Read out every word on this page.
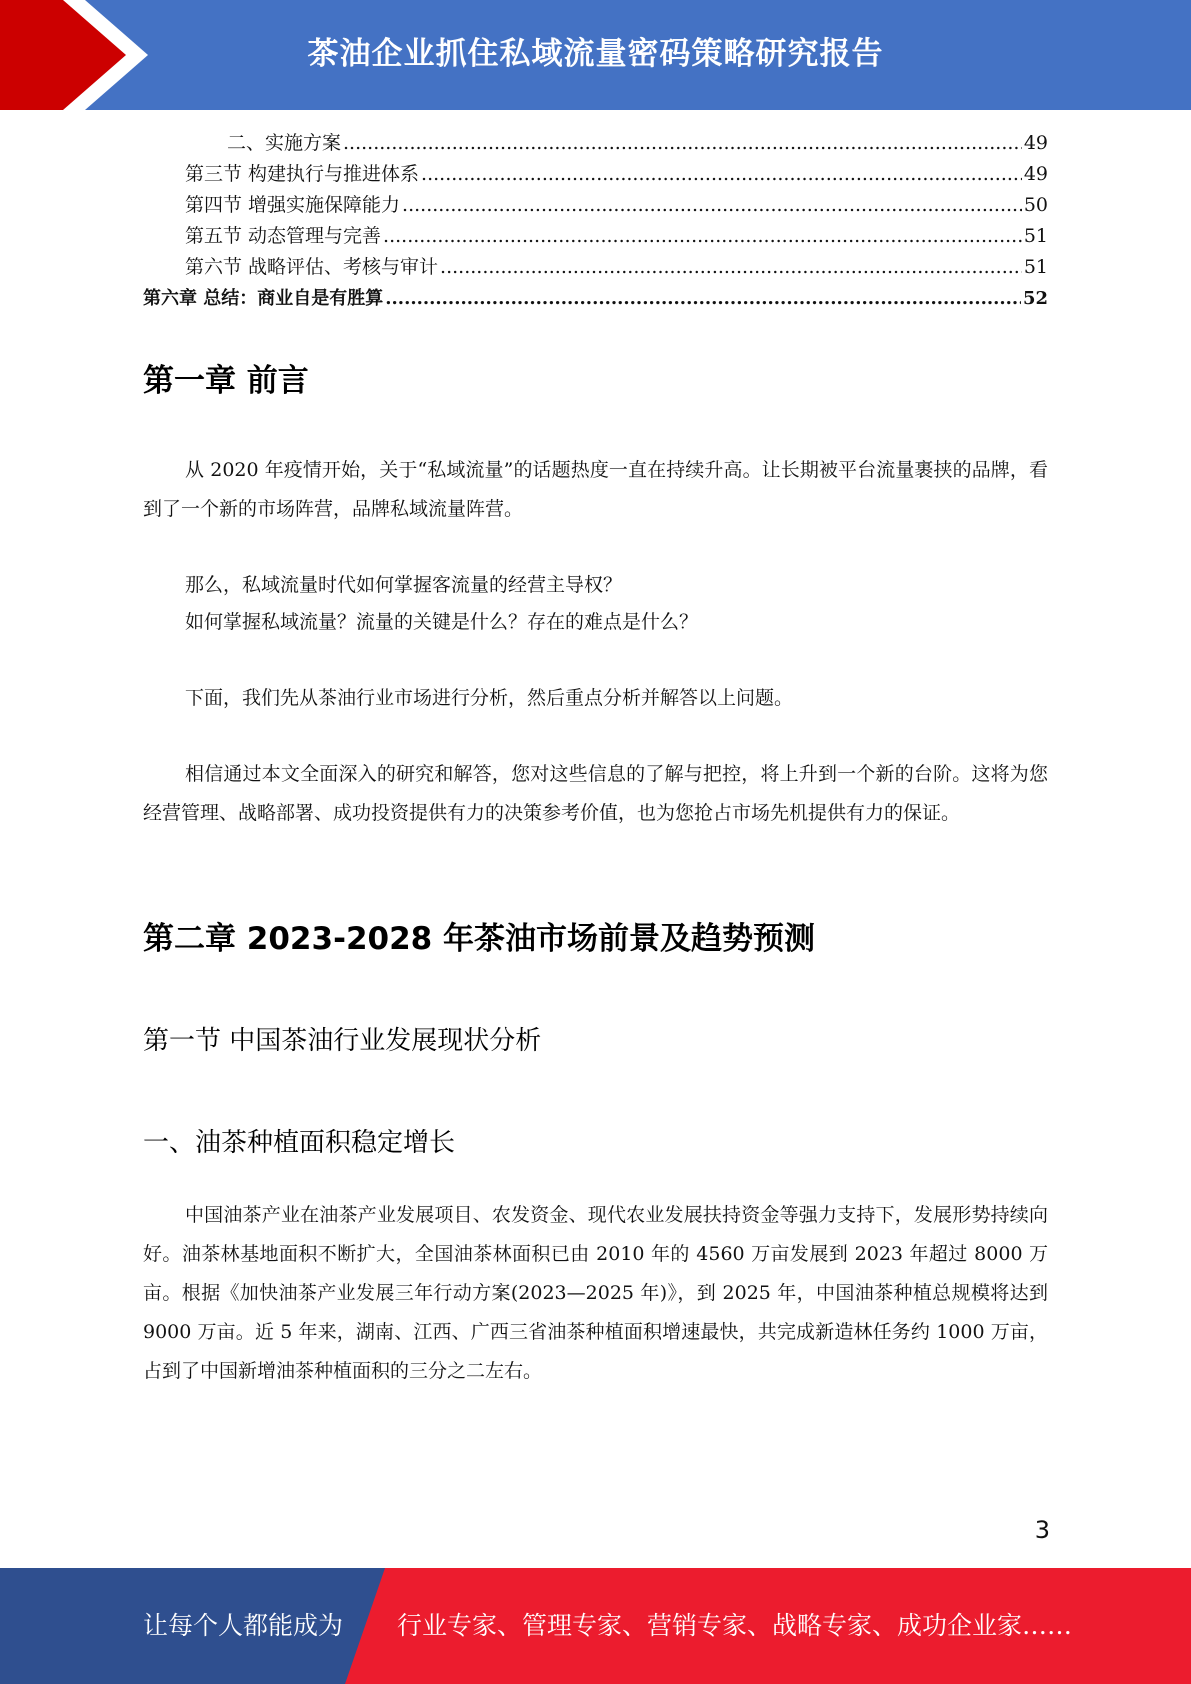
茶油企业抓住私域流量密码策略研究报告
二、实施方案 .....	49
第三节 构建执行与推进体系 .....	49
第四节 增强实施保障能力 .....	50
第五节 动态管理与完善 .....	51
第六节 战略评估、考核与审计 .....	51
第六章 总结：商业自是有胜算 .....	52
第一章 前言

从 2020 年疫情开始，关于“私域流量”的话题热度一直在持续升高。让长期被平台流量裹挟的品牌，看到了一个新的市场阵营，品牌私域流量阵营。

那么，私域流量时代如何掌握客流量的经营主导权？

如何掌握私域流量？流量的关键是什么？存在的难点是什么？

下面，我们先从茶油行业市场进行分析，然后重点分析并解答以上问题。

相信通过本文全面深入的研究和解答，您对这些信息的了解与把控，将上升到一个新的台阶。这将为您经营管理、战略部署、成功投资提供有力的决策参考价值，也为您抢占市场先机提供有力的保证。

第二章 2023-2028 年茶油市场前景及趋势预测
第一节 中国茶油行业发展现状分析
一、油茶种植面积稳定增长

中国油茶产业在油茶产业发展项目、农发资金、现代农业发展扶持资金等强力支持下，发展形势持续向好。油茶林基地面积不断扩大，全国油茶林面积已由 2010 年的 4560 万亩发展到 2023 年超过 8000 万亩。根据《加快油茶产业发展三年行动方案(2023—2025 年)》，到 2025 年，中国油茶种植总规模将达到 9000 万亩。近 5 年来，湖南、江西、广西三省油茶种植面积增速最快，共完成新造林任务约 1000 万亩，占到了中国新增油茶种植面积的三分之二左右。

3
让每个人都能成为 行业专家、管理专家、营销专家、战略专家、成功企业家……
